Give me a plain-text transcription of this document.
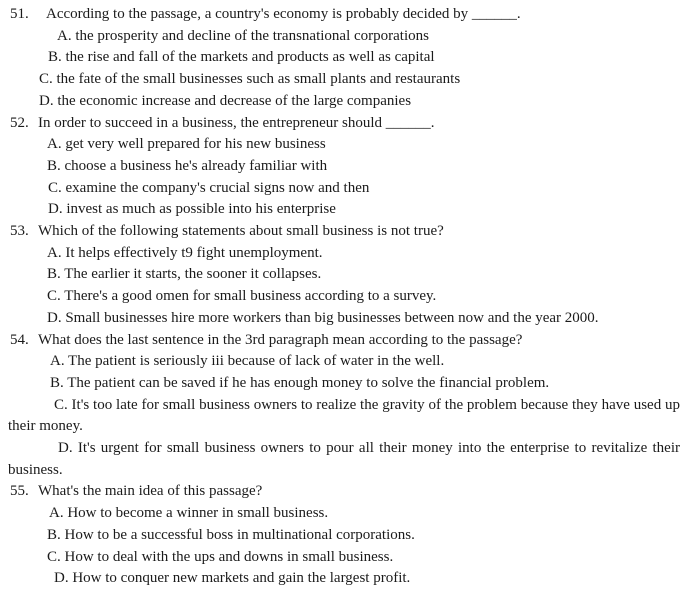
51. According to the passage, a country's economy is probably decided by ______.
A. the prosperity and decline of the transnational corporations
B. the rise and fall of the markets and products as well as capital
C. the fate of the small businesses such as small plants and restaurants
D. the economic increase and decrease of the large companies
52. In order to succeed in a business, the entrepreneur should ______.
A. get very well prepared for his new business
B. choose a business he's already familiar with
C. examine the company's crucial signs now and then
D. invest as much as possible into his enterprise
53. Which of the following statements about small business is not true?
A. It helps effectively t9 fight unemployment.
B. The earlier it starts, the sooner it collapses.
C. There's a good omen for small business according to a survey.
D. Small businesses hire more workers than big businesses between now and the year 2000.
54. What does the last sentence in the 3rd paragraph mean according to the passage?
A. The patient is seriously iii because of lack of water in the well.
B. The patient can be saved if he has enough money to solve the financial problem.
C. It's too late for small business owners to realize the gravity of the problem because they have used up their money.
D. It's urgent for small business owners to pour all their money into the enterprise to revitalize their business.
55. What's the main idea of this passage?
A. How to become a winner in small business.
B. How to be a successful boss in multinational corporations.
C. How to deal with the ups and downs in small business.
D. How to conquer new markets and gain the largest profit.
